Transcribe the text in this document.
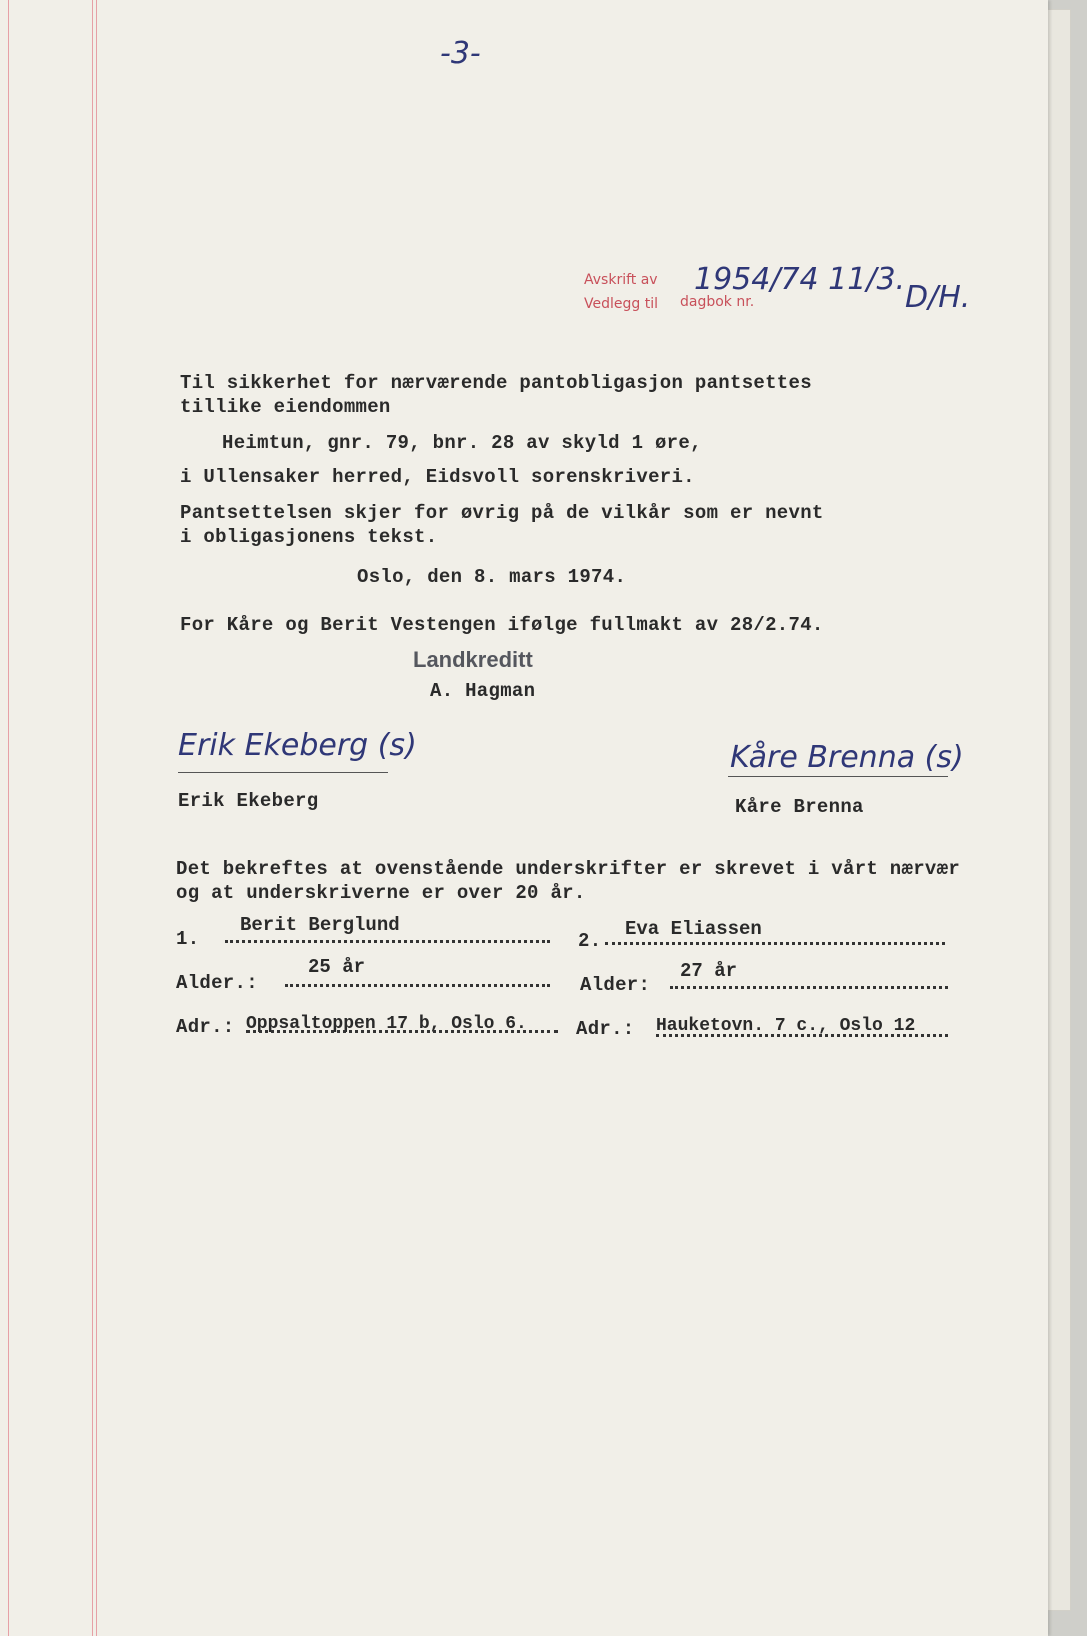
-3-
Avskrift av
Vedlegg til dagbok nr.
1954/74 11/3.
D/H.
Til sikkerhet for nærværende pantobligasjon pantsettes
tillike eiendommen
Heimtun, gnr. 79, bnr. 28 av skyld 1 øre,
i Ullensaker herred, Eidsvoll sorenskriveri.
Pantsettelsen skjer for øvrig på de vilkår som er nevnt
i obligasjonens tekst.
Oslo, den 8. mars 1974.
For Kåre og Berit Vestengen ifølge fullmakt av 28/2.74.
Landkreditt
A. Hagman
Erik Ekeberg (s)
Erik Ekeberg
Kåre Brenna (s)
Kåre Brenna
Det bekreftes at ovenstående underskrifter er skrevet i vårt nærvær
og at underskriverne er over 20 år.
1.
Berit Berglund
Alder.:
25 år
Adr.: Oppsaltoppen 17 b, Oslo 6.
2.
Eva Eliassen
Alder:
27 år
Adr.: Hauketovn. 7 c., Oslo 12
